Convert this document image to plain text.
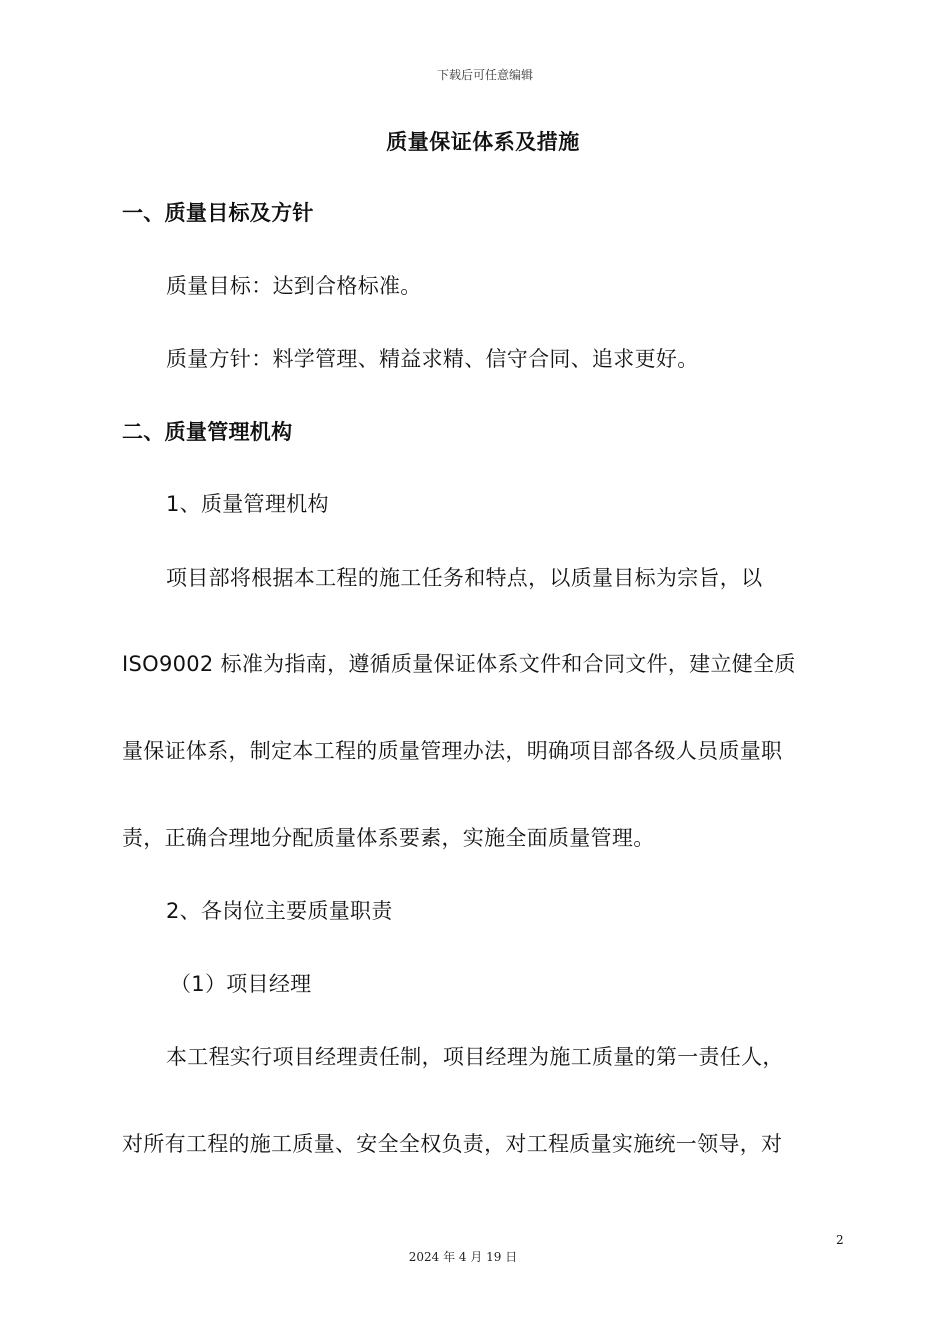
下载后可任意编辑
质量保证体系及措施
一、质量目标及方针
质量目标：达到合格标准。
质量方针：料学管理、精益求精、信守合同、追求更好。
二、质量管理机构
1、质量管理机构
项目部将根据本工程的施工任务和特点，以质量目标为宗旨，以
ISO9002 标准为指南，遵循质量保证体系文件和合同文件，建立健全质
量保证体系，制定本工程的质量管理办法，明确项目部各级人员质量职
责，正确合理地分配质量体系要素，实施全面质量管理。
2、各岗位主要质量职责
（1）项目经理
本工程实行项目经理责任制，项目经理为施工质量的第一责任人，
对所有工程的施工质量、安全全权负责，对工程质量实施统一领导，对
2
2024 年 4 月 19 日
